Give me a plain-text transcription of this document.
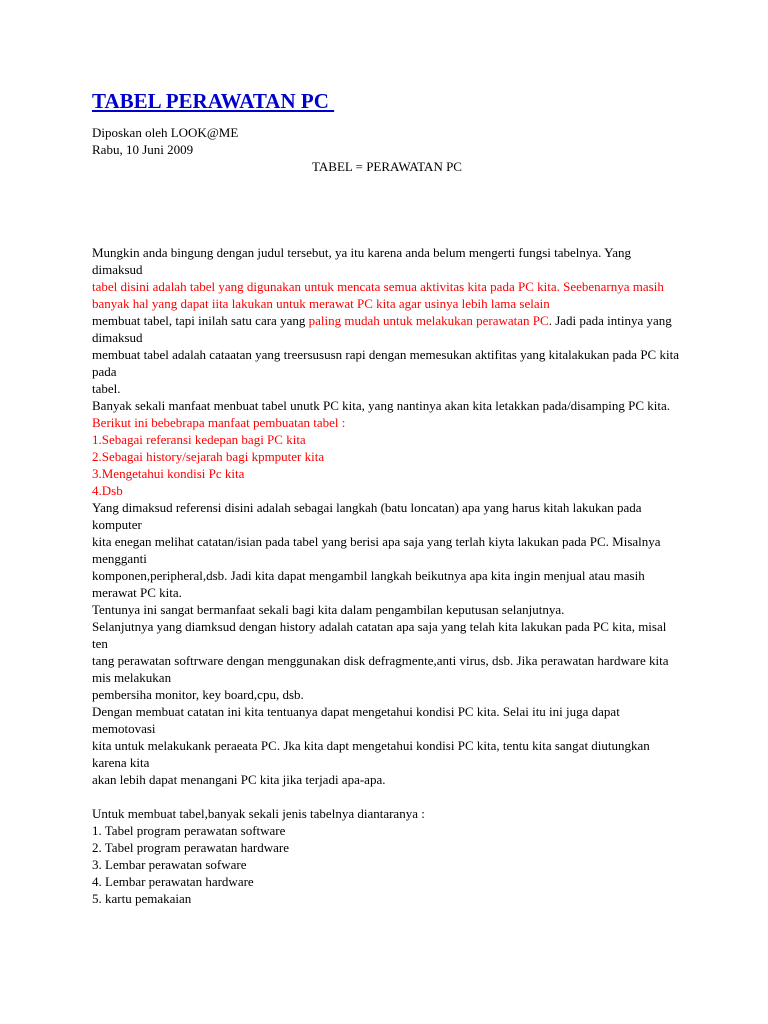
TABEL PERAWATAN PC

Diposkan oleh LOOK@ME

Rabu, 10 Juni 2009

TABEL = PERAWATAN PC

Mungkin anda bingung dengan judul tersebut, ya itu karena anda belum mengerti fungsi tabelnya. Yang dimaksud

tabel disini adalah tabel yang digunakan untuk mencata semua aktivitas kita pada PC kita. Seebenarnya masih banyak hal yang dapat iita lakukan untuk merawat PC kita agar usinya lebih lama selain

membuat tabel, tapi inilah satu cara yang paling mudah untuk melakukan perawatan PC. Jadi pada intinya yang dimaksud

membuat tabel adalah cataatan yang treersususn rapi dengan memesukan aktifitas yang kitalakukan pada PC kita pada

tabel.

Banyak sekali manfaat menbuat tabel unutk PC kita, yang nantinya akan kita letakkan pada/disamping PC kita.

Berikut ini bebebrapa manfaat pembuatan tabel :

1.Sebagai referansi kedepan bagi PC kita

2.Sebagai history/sejarah bagi kpmputer kita

3.Mengetahui kondisi Pc kita

4.Dsb

Yang dimaksud referensi disini adalah sebagai langkah (batu loncatan) apa yang harus kitah lakukan pada komputer

kita enegan melihat catatan/isian pada tabel yang berisi apa saja yang terlah kiyta lakukan pada PC. Misalnya mengganti

komponen,peripheral,dsb. Jadi kita dapat mengambil langkah beikutnya apa kita ingin menjual atau masih merawat PC kita.

Tentunya ini sangat bermanfaat sekali bagi kita dalam pengambilan keputusan selanjutnya.

Selanjutnya yang diamksud dengan history adalah catatan apa saja yang telah kita lakukan pada PC kita, misal ten

tang perawatan softrware dengan menggunakan disk defragmente,anti virus, dsb. Jika perawatan hardware kita mis melakukan

pembersiha monitor, key board,cpu, dsb.

Dengan membuat catatan ini kita tentuanya dapat mengetahui kondisi PC kita. Selai itu ini juga dapat memotovasi

kita untuk melakukank peraeata PC. Jka kita dapt mengetahui kondisi PC kita, tentu kita sangat diutungkan karena kita

akan lebih dapat menangani PC kita jika terjadi apa-apa.

Untuk membuat tabel,banyak sekali jenis tabelnya diantaranya :

1. Tabel program perawatan software

2. Tabel program perawatan hardware

3. Lembar perawatan sofware

4. Lembar perawatan hardware

5. kartu pemakaian
